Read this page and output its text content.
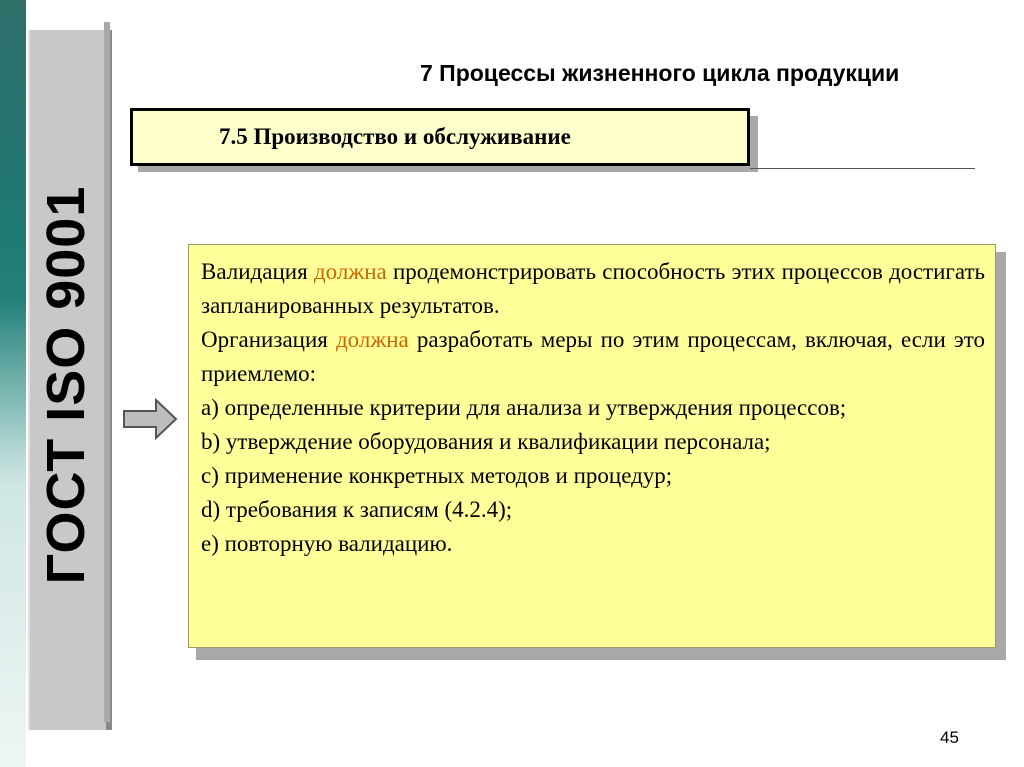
ГОСТ ISO 9001
7 Процессы жизненного цикла продукции
7.5 Производство и обслуживание

Валидация должна продемонстрировать способность этих процессов достигать запланированных результатов.

Организация должна разработать меры по этим процессам, включая, если это приемлемо:

а) определенные критерии для анализа и утверждения процессов;

b) утверждение оборудования и квалификации персонала;

c) применение конкретных методов и процедур;

d) требования к записям (4.2.4);

e) повторную валидацию.

45
